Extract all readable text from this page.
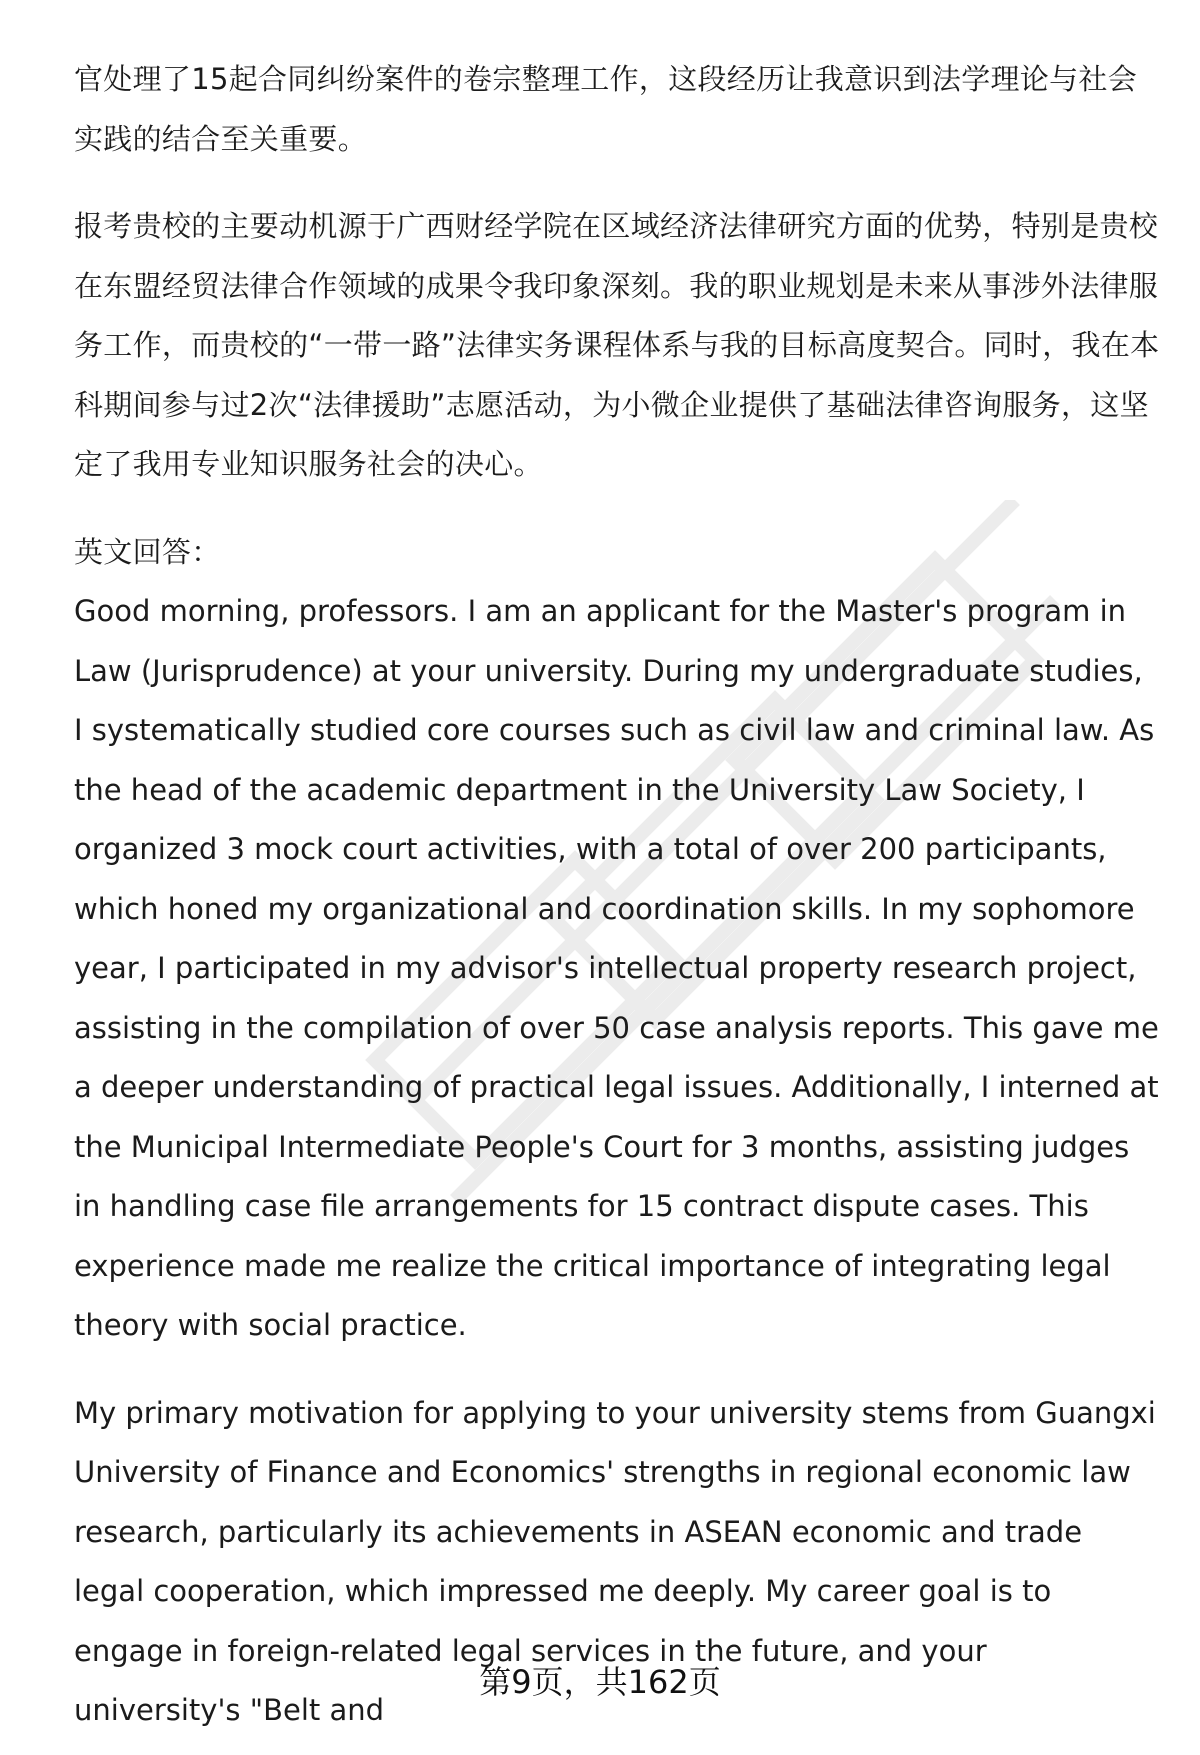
官处理了15起合同纠纷案件的卷宗整理工作，这段经历让我意识到法学理论与社会实践的结合至关重要。

报考贵校的主要动机源于广西财经学院在区域经济法律研究方面的优势，特别是贵校在东盟经贸法律合作领域的成果令我印象深刻。我的职业规划是未来从事涉外法律服务工作，而贵校的“一带一路”法律实务课程体系与我的目标高度契合。同时，我在本科期间参与过2次“法律援助”志愿活动，为小微企业提供了基础法律咨询服务，这坚定了我用专业知识服务社会的决心。

英文回答：

Good morning, professors. I am an applicant for the Master's program in Law (Jurisprudence) at your university. During my undergraduate studies, I systematically studied core courses such as civil law and criminal law. As the head of the academic department in the University Law Society, I organized 3 mock court activities, with a total of over 200 participants, which honed my organizational and coordination skills. In my sophomore year, I participated in my advisor's intellectual property research project, assisting in the compilation of over 50 case analysis reports. This gave me a deeper understanding of practical legal issues. Additionally, I interned at the Municipal Intermediate People's Court for 3 months, assisting judges in handling case file arrangements for 15 contract dispute cases. This experience made me realize the critical importance of integrating legal theory with social practice.

My primary motivation for applying to your university stems from Guangxi University of Finance and Economics' strengths in regional economic law research, particularly its achievements in ASEAN economic and trade legal cooperation, which impressed me deeply. My career goal is to engage in foreign-related legal services in the future, and your university's "Belt and

第9页，共162页
